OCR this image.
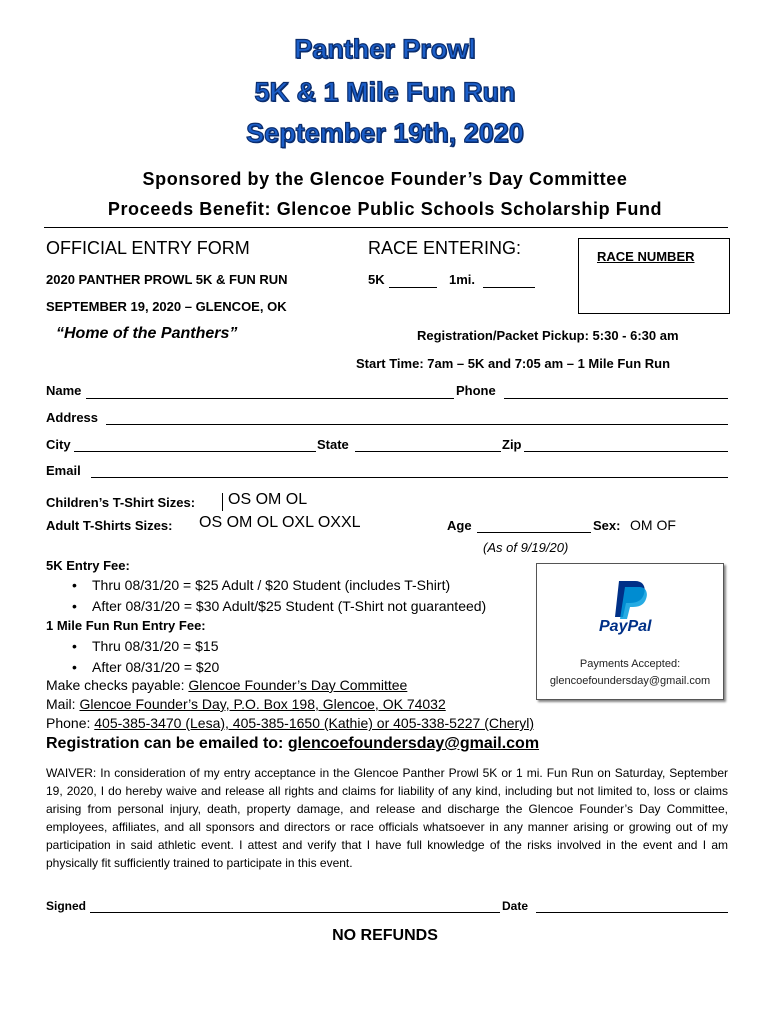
Panther Prowl
5K & 1 Mile Fun Run
September 19th, 2020
Sponsored by the Glencoe Founder’s Day Committee
Proceeds Benefit: Glencoe Public Schools Scholarship Fund
OFFICIAL ENTRY FORM
2020 PANTHER PROWL 5K & FUN RUN
SEPTEMBER 19, 2020 – GLENCOE, OK
“Home of the Panthers”
RACE ENTERING:
5K	1mi.
RACE NUMBER
Registration/Packet Pickup: 5:30 - 6:30 am
Start Time: 7am – 5K and 7:05 am – 1 Mile Fun Run
Name	Phone
Address
City	State	Zip
Email
Children’s T-Shirt Sizes: OS OM OL
Adult T-Shirts Sizes: OS OM OL OXL OXXL	Age	Sex: OM OF
(As of 9/19/20)
5K Entry Fee:
• Thru 08/31/20 = $25 Adult / $20 Student (includes T-Shirt)
• After 08/31/20 = $30 Adult/$25 Student (T-Shirt not guaranteed)
1 Mile Fun Run Entry Fee:
• Thru 08/31/20 = $15
• After 08/31/20 = $20
PayPal
Payments Accepted:
glencoefoundersday@gmail.com
Make checks payable: Glencoe Founder’s Day Committee
Mail: Glencoe Founder’s Day, P.O. Box 198, Glencoe, OK 74032
Phone: 405-385-3470 (Lesa), 405-385-1650 (Kathie) or 405-338-5227 (Cheryl)
Registration can be emailed to: glencoefoundersday@gmail.com
WAIVER: In consideration of my entry acceptance in the Glencoe Panther Prowl 5K or 1 mi. Fun Run on Saturday, September 19, 2020, I do hereby waive and release all rights and claims for liability of any kind, including but not limited to, loss or claims arising from personal injury, death, property damage, and release and discharge the Glencoe Founder’s Day Committee, employees, affiliates, and all sponsors and directors or race officials whatsoever in any manner arising or growing out of my participation in said athletic event. I attest and verify that I have full knowledge of the risks involved in the event and I am physically fit sufficiently trained to participate in this event.
Signed	Date
NO REFUNDS
